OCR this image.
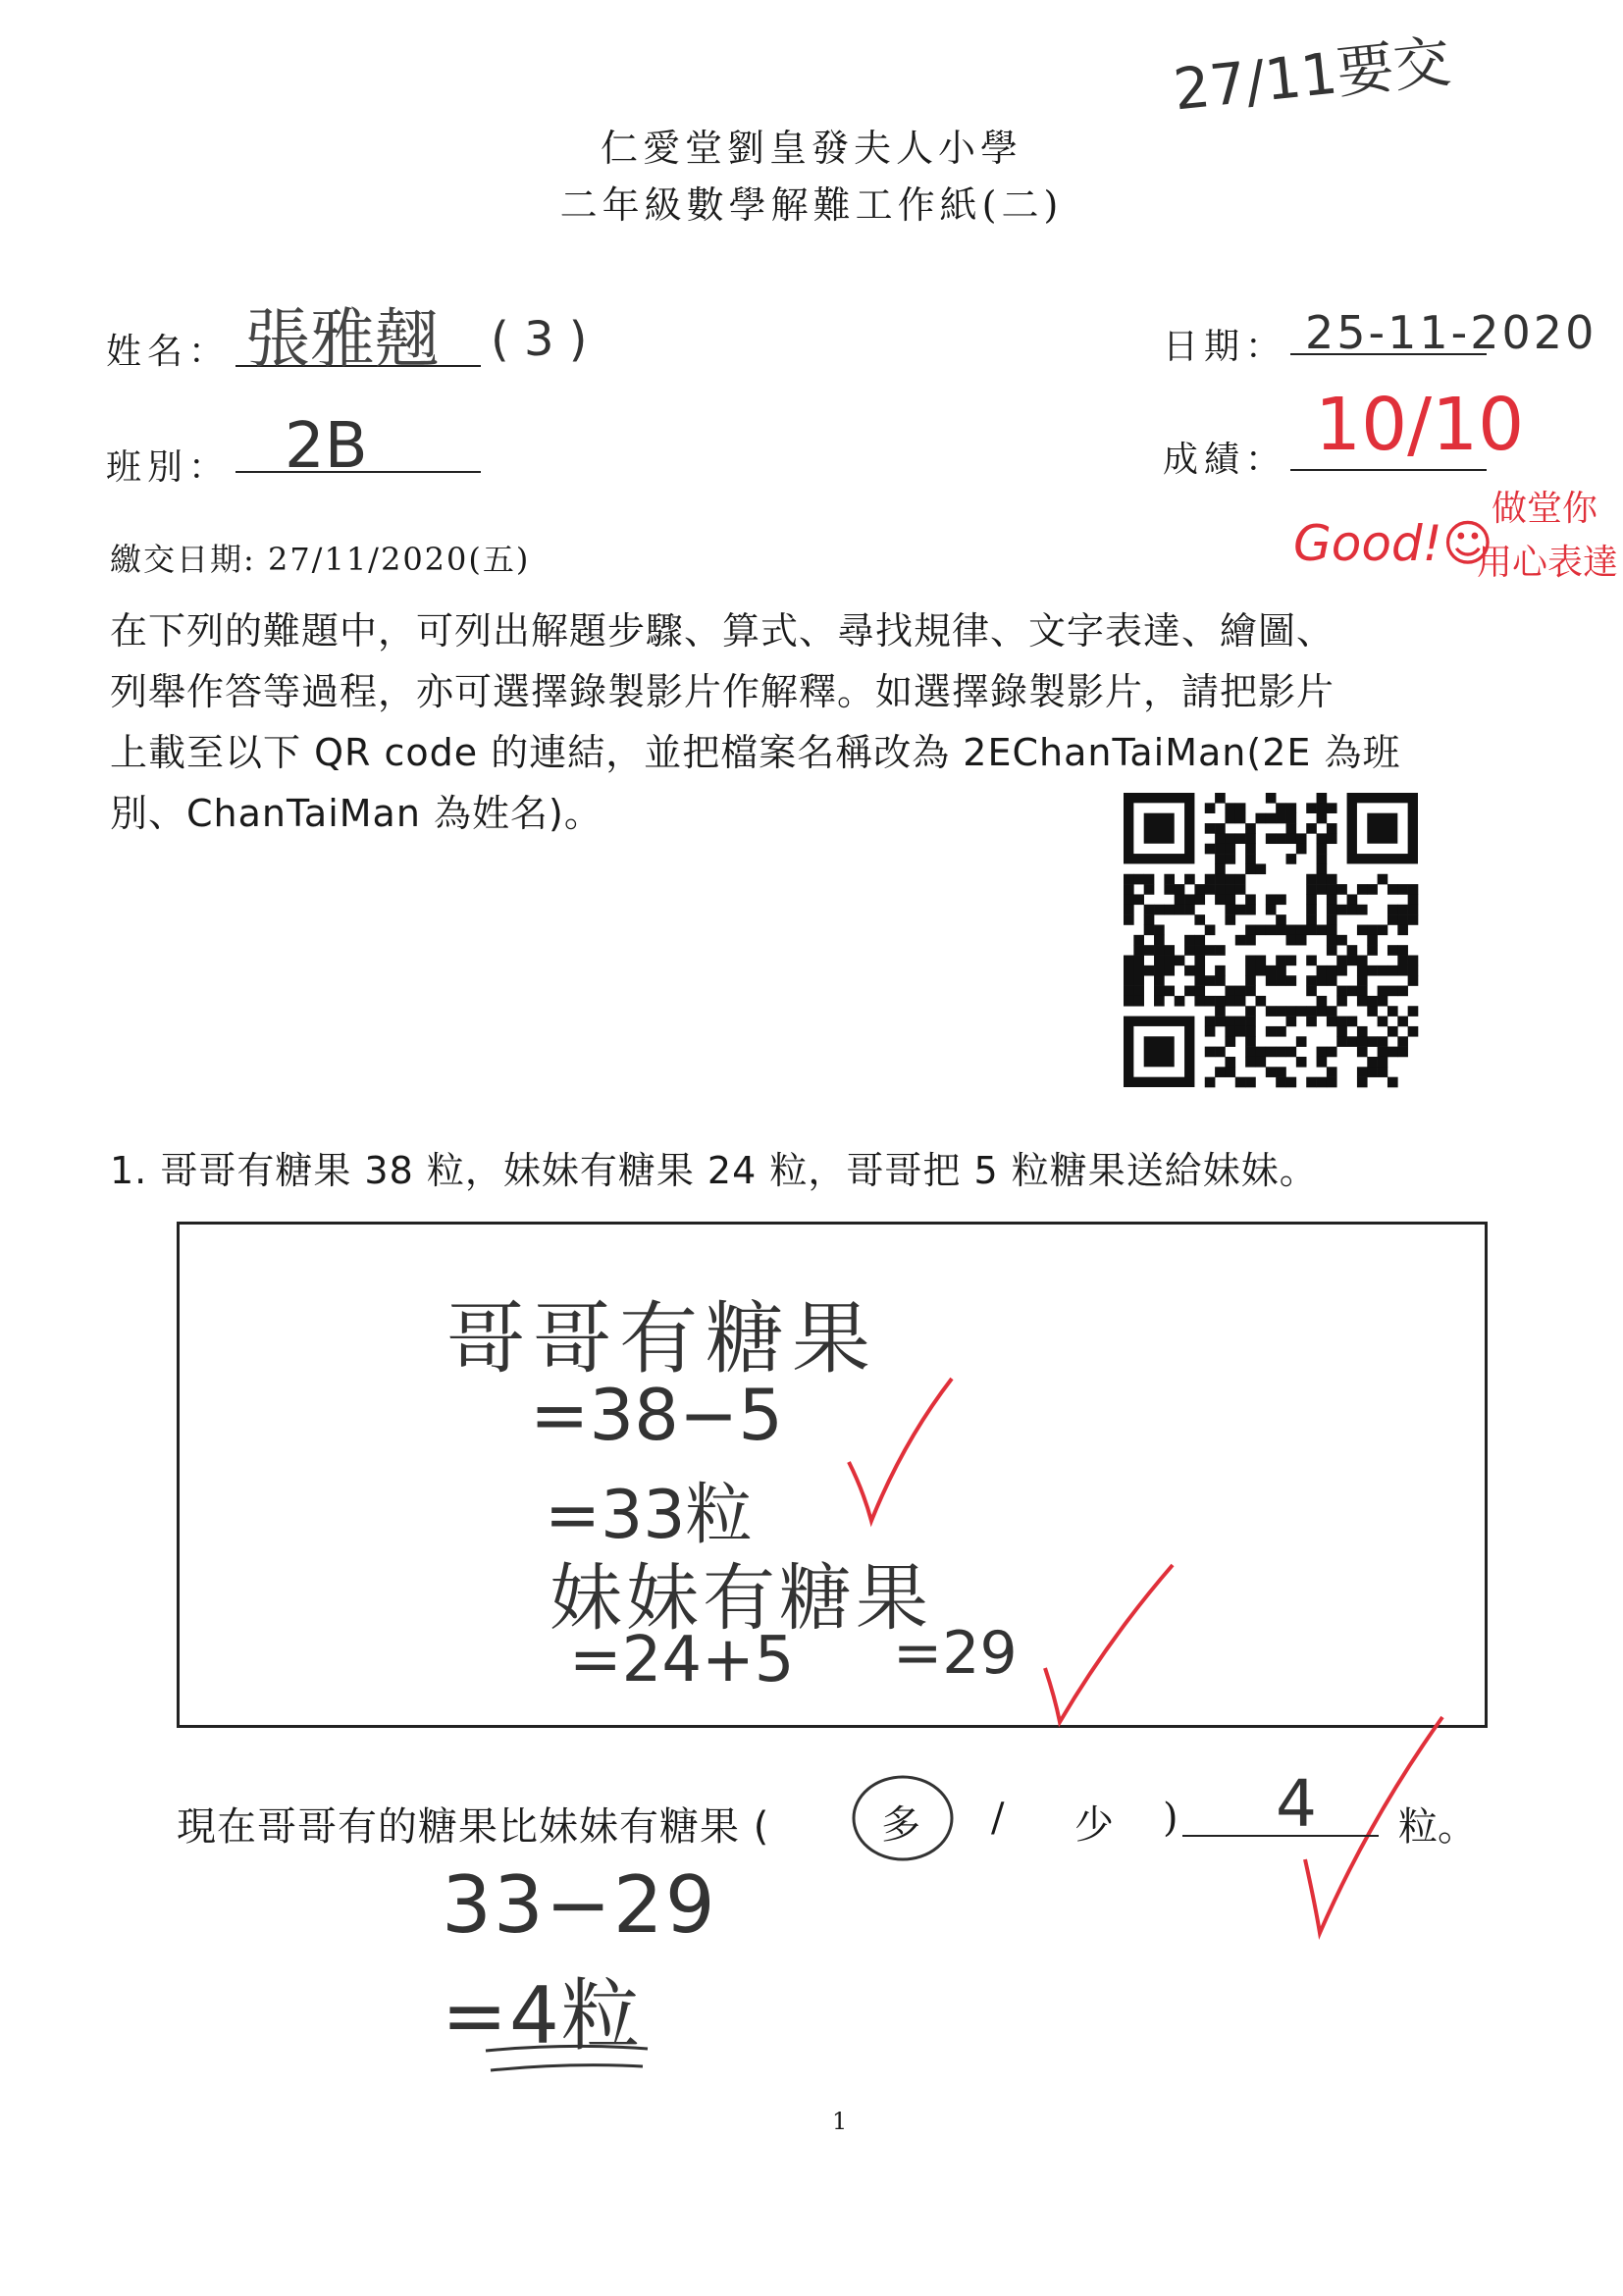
27/11要交
仁愛堂劉皇發夫人小學
二年級數學解難工作紙(二)
姓名： 張雅翹 ( 3 )	日期： 25-11-2020
班別： 2B	成績： 10/10
Good!☺
做堂你
用心表達
繳交日期: 27/11/2020(五)
在下列的難題中，可列出解題步驟、算式、尋找規律、文字表達、繪圖、
列舉作答等過程，亦可選擇錄製影片作解釋。如選擇錄製影片，請把影片
上載至以下 QR code 的連結，並把檔案名稱改為 2EChanTaiMan(2E 為班
別、ChanTaiMan 為姓名)。
1. 哥哥有糖果 38 粒，妹妹有糖果 24 粒，哥哥把 5 粒糖果送給妹妹。
哥哥有糖果
=38−5
=33粒
妹妹有糖果
=24+5 =29
現在哥哥有的糖果比妹妹有糖果 (	多 / 少 ) 4 粒。
33−29
=4粒
1
